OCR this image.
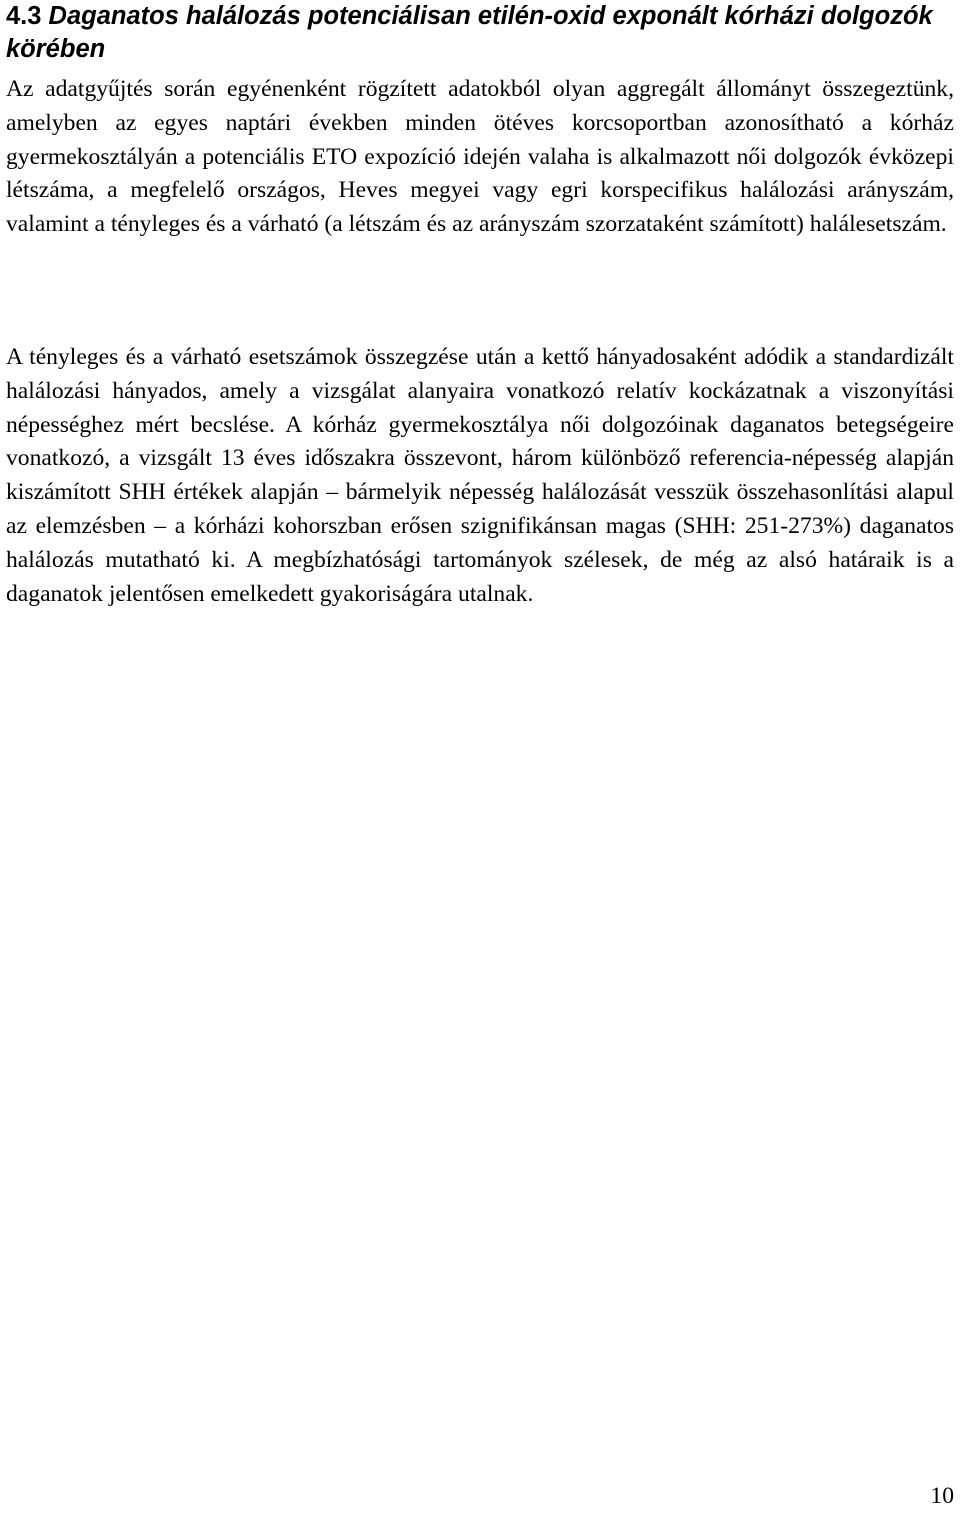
4.3 Daganatos halálozás potenciálisan etilén-oxid exponált kórházi dolgozók körében

Az adatgyűjtés során egyénenként rögzített adatokból olyan aggregált állományt összegeztünk, amelyben az egyes naptári években minden ötéves korcsoportban azonosítható a kórház gyermekosztályán a potenciális ETO expozíció idején valaha is alkalmazott női dolgozók évközepi létszáma, a megfelelő országos, Heves megyei vagy egri korspecifikus halálozási arányszám, valamint a tényleges és a várható (a létszám és az arányszám szorzataként számított) halálesetszám.

A tényleges és a várható esetszámok összegzése után a kettő hányadosaként adódik a standardizált halálozási hányados, amely a vizsgálat alanyaira vonatkozó relatív kockázatnak a viszonyítási népességhez mért becslése. A kórház gyermekosztálya női dolgozóinak daganatos betegségeire vonatkozó, a vizsgált 13 éves időszakra összevont, három különböző referencia-népesség alapján kiszámított SHH értékek alapján – bármelyik népesség halálozását vesszük összehasonlítási alapul az elemzésben – a kórházi kohorszban erősen szignifikánsan magas (SHH: 251-273%) daganatos halálozás mutatható ki. A megbízhatósági tartományok szélesek, de még az alsó határaik is a daganatok jelentősen emelkedett gyakoriságára utalnak.

10
